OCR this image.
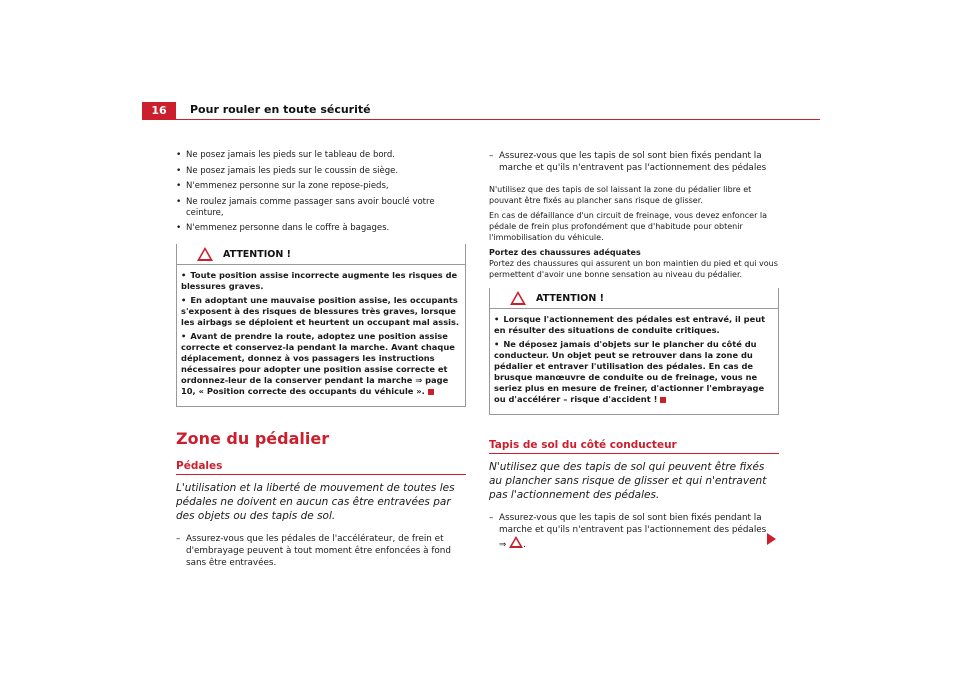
16	Pour rouler en toute sécurité
• Ne posez jamais les pieds sur le tableau de bord.
• Ne posez jamais les pieds sur le coussin de siège.
• N'emmenez personne sur la zone repose-pieds,
• Ne roulez jamais comme passager sans avoir bouclé votre ceinture,
• N'emmenez personne dans le coffre à bagages.
! ATTENTION !
• Toute position assise incorrecte augmente les risques de blessures graves.
• En adoptant une mauvaise position assise, les occupants s'exposent à des risques de blessures très graves, lorsque les airbags se déploient et heurtent un occupant mal assis.
• Avant de prendre la route, adoptez une position assise correcte et conservez-la pendant la marche. Avant chaque déplacement, donnez à vos passagers les instructions nécessaires pour adopter une position assise correcte et ordonnez-leur de la conserver pendant la marche ⇒ page 10, « Position correcte des occupants du véhicule ».
Zone du pédalier
Pédales

L'utilisation et la liberté de mouvement de toutes les pédales ne doivent en aucun cas être entravées par des objets ou des tapis de sol.

– Assurez-vous que les pédales de l'accélérateur, de frein et d'embrayage peuvent à tout moment être enfoncées à fond sans être entravées.
– Assurez-vous que les tapis de sol sont bien fixés pendant la marche et qu'ils n'entravent pas l'actionnement des pédales

N'utilisez que des tapis de sol laissant la zone du pédalier libre et pouvant être fixés au plancher sans risque de glisser.

En cas de défaillance d'un circuit de freinage, vous devez enfoncer la pédale de frein plus profondément que d'habitude pour obtenir l'immobilisation du véhicule.

Portez des chaussures adéquates

Portez des chaussures qui assurent un bon maintien du pied et qui vous permettent d'avoir une bonne sensation au niveau du pédalier.

! ATTENTION !
• Lorsque l'actionnement des pédales est entravé, il peut en résulter des situations de conduite critiques.
• Ne déposez jamais d'objets sur le plancher du côté du conducteur. Un objet peut se retrouver dans la zone du pédalier et entraver l'utilisation des pédales. En cas de brusque manœuvre de conduite ou de freinage, vous ne seriez plus en mesure de freiner, d'actionner l'embrayage ou d'accélérer – risque d'accident !
Tapis de sol du côté conducteur

N'utilisez que des tapis de sol qui peuvent être fixés au plancher sans risque de glisser et qui n'entravent pas l'actionnement des pédales.

– Assurez-vous que les tapis de sol sont bien fixés pendant la marche et qu'ils n'entravent pas l'actionnement des pédales
⇒ .
